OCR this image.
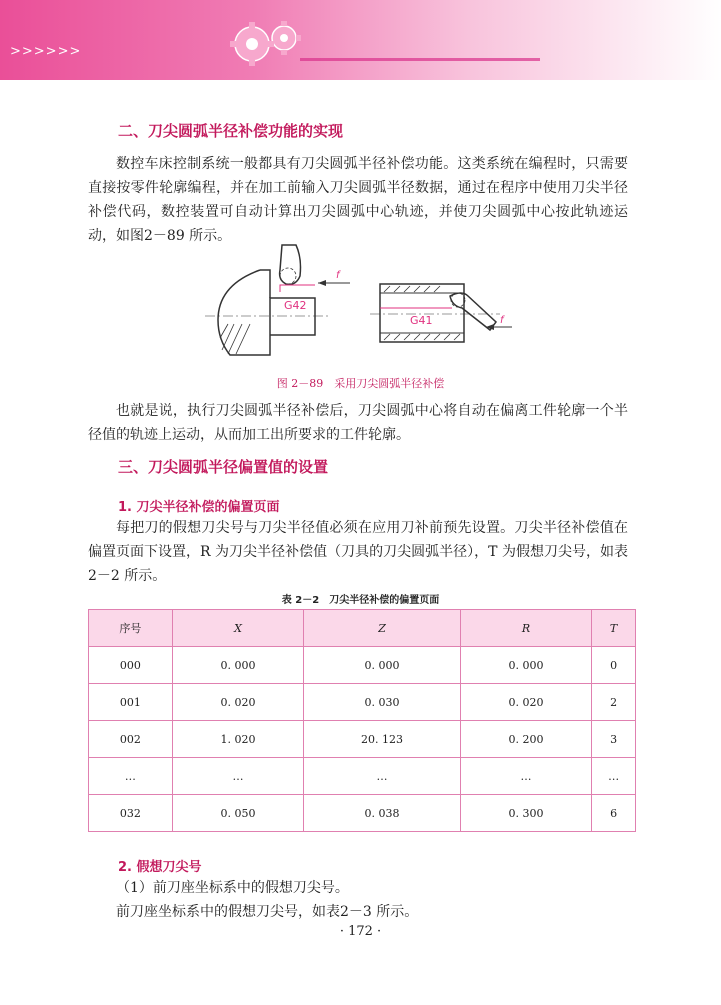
>>>>>>
二、刀尖圆弧半径补偿功能的实现

数控车床控制系统一般都具有刀尖圆弧半径补偿功能。这类系统在编程时，只需要直接按零件轮廓编程，并在加工前输入刀尖圆弧半径数据，通过在程序中使用刀尖半径补偿代码，数控装置可自动计算出刀尖圆弧中心轨迹，并使刀尖圆弧中心按此轨迹运动，如图2－89 所示。

G42
f
G41	f
图 2－89　采用刀尖圆弧半径补偿

也就是说，执行刀尖圆弧半径补偿后，刀尖圆弧中心将自动在偏离工件轮廓一个半径值的轨迹上运动，从而加工出所要求的工件轮廓。

三、刀尖圆弧半径偏置值的设置
1. 刀尖半径补偿的偏置页面

每把刀的假想刀尖号与刀尖半径值必须在应用刀补前预先设置。刀尖半径补偿值在偏置页面下设置，R 为刀尖半径补偿值（刀具的刀尖圆弧半径），T 为假想刀尖号，如表2－2 所示。

表 2－2　刀尖半径补偿的偏置页面
序号	X	Z	R	T
000	0. 000	0. 000	0. 000	0
001	0. 020	0. 030	0. 020	2
002	1. 020	20. 123	0. 200	3
…	…	…	…	…
032	0. 050	0. 038	0. 300	6
2. 假想刀尖号

（1）前刀座坐标系中的假想刀尖号。

前刀座坐标系中的假想刀尖号，如表2－3 所示。

· 172 ·
